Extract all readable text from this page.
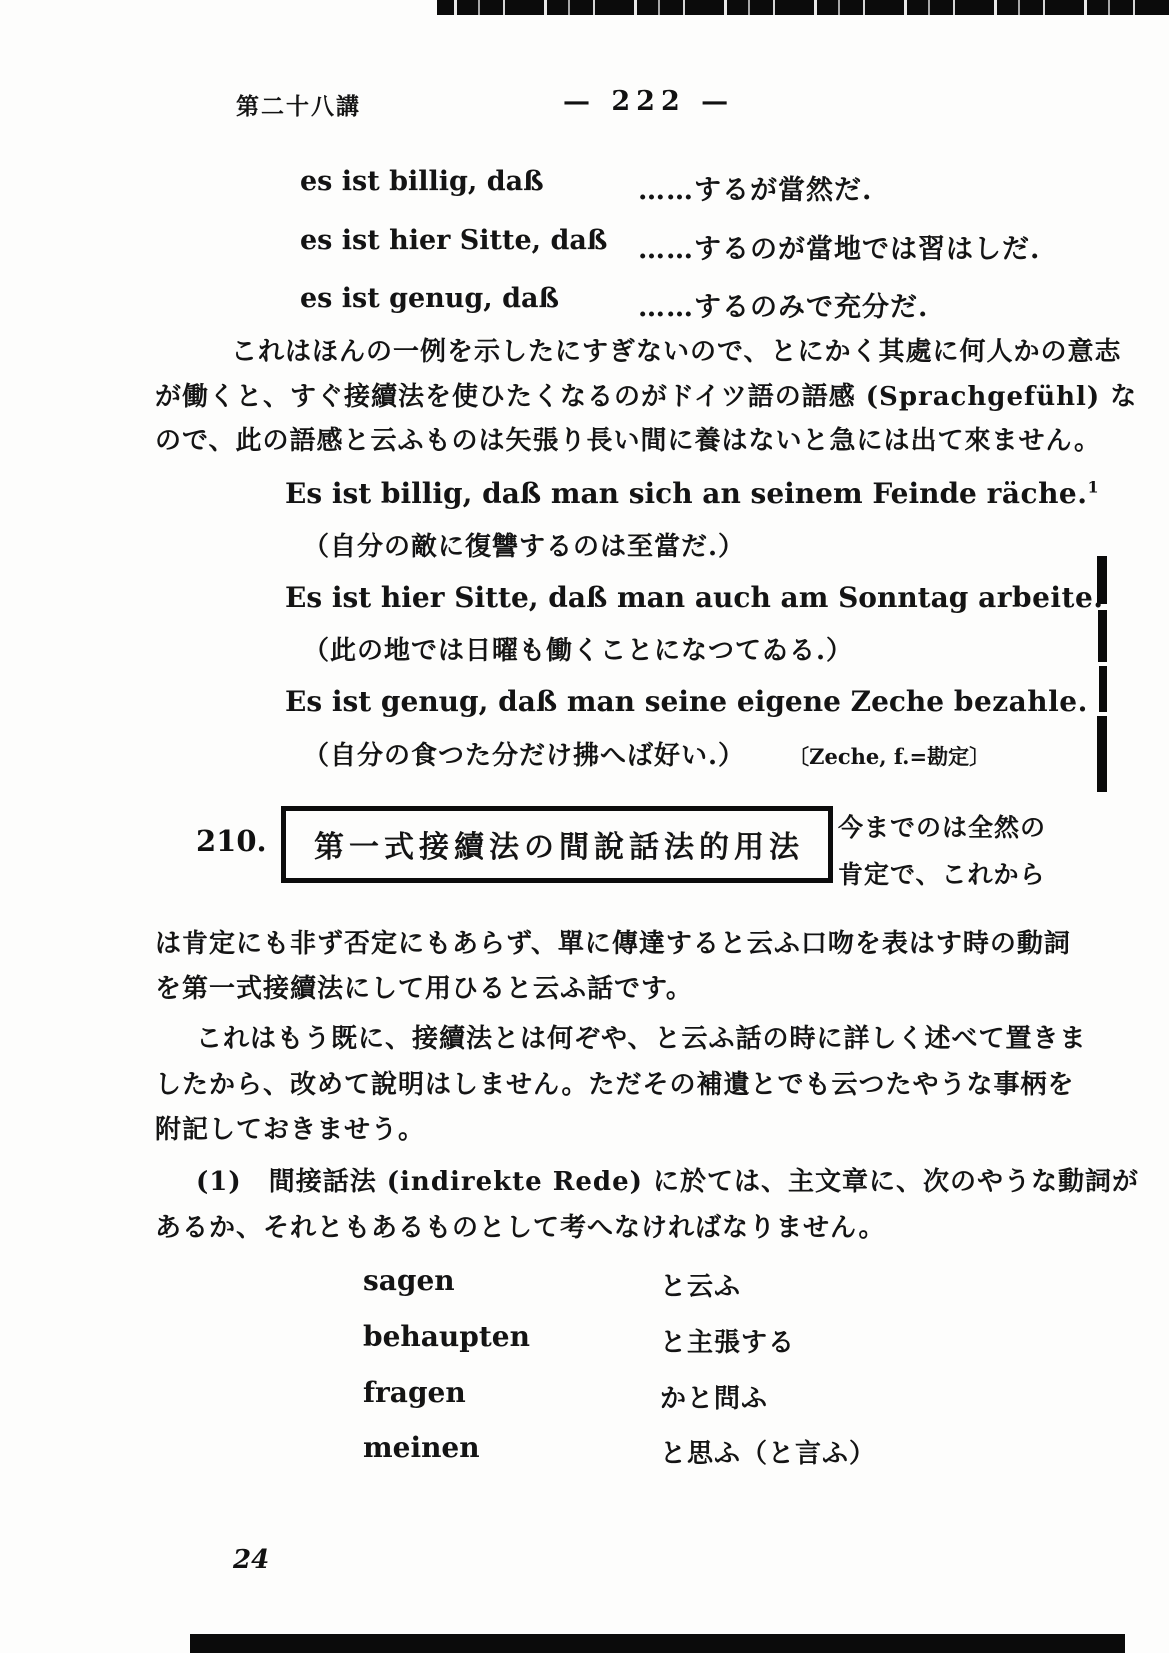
第二十八講	— 222 —
es ist billig, daß	……するが當然だ.
es ist hier Sitte, daß ……するのが當地では習はしだ.
es ist genug, daß	……するのみで充分だ.
これはほんの一例を示したにすぎないので、とにかく其處に何人かの意志
が働くと、すぐ接續法を使ひたくなるのがドイツ語の語感 (Sprachgefühl) な
ので、此の語感と云ふものは矢張り長い間に養はないと急には出て來ません。
Es ist billig, daß man sich an seinem Feinde räche.$^1$
（自分の敵に復讐するのは至當だ.）
Es ist hier Sitte, daß man auch am Sonntag arbeite.
（此の地では日曜も働くことになつてゐる.）
Es ist genug, daß man seine eigene Zeche bezahle.
（自分の食つた分だけ拂へば好い.） 〔Zeche, f.=勘定〕
210.	第一式接續法の間說話法的用法
今までのは全然の
肯定で、これから
は肯定にも非ず否定にもあらず、單に傳達すると云ふ口吻を表はす時の動詞
を第一式接續法にして用ひると云ふ話です。
これはもう既に、接續法とは何ぞや、と云ふ話の時に詳しく述べて置きま
したから、改めて說明はしません。ただその補遺とでも云つたやうな事柄を
附記しておきませう。
(1)　間接話法 (indirekte Rede) に於ては、主文章に、次のやうな動詞が
あるか、それともあるものとして考へなければなりません。
sagen	と云ふ
behaupten	と主張する
fragen	かと問ふ
meinen	と思ふ（と言ふ）
24
